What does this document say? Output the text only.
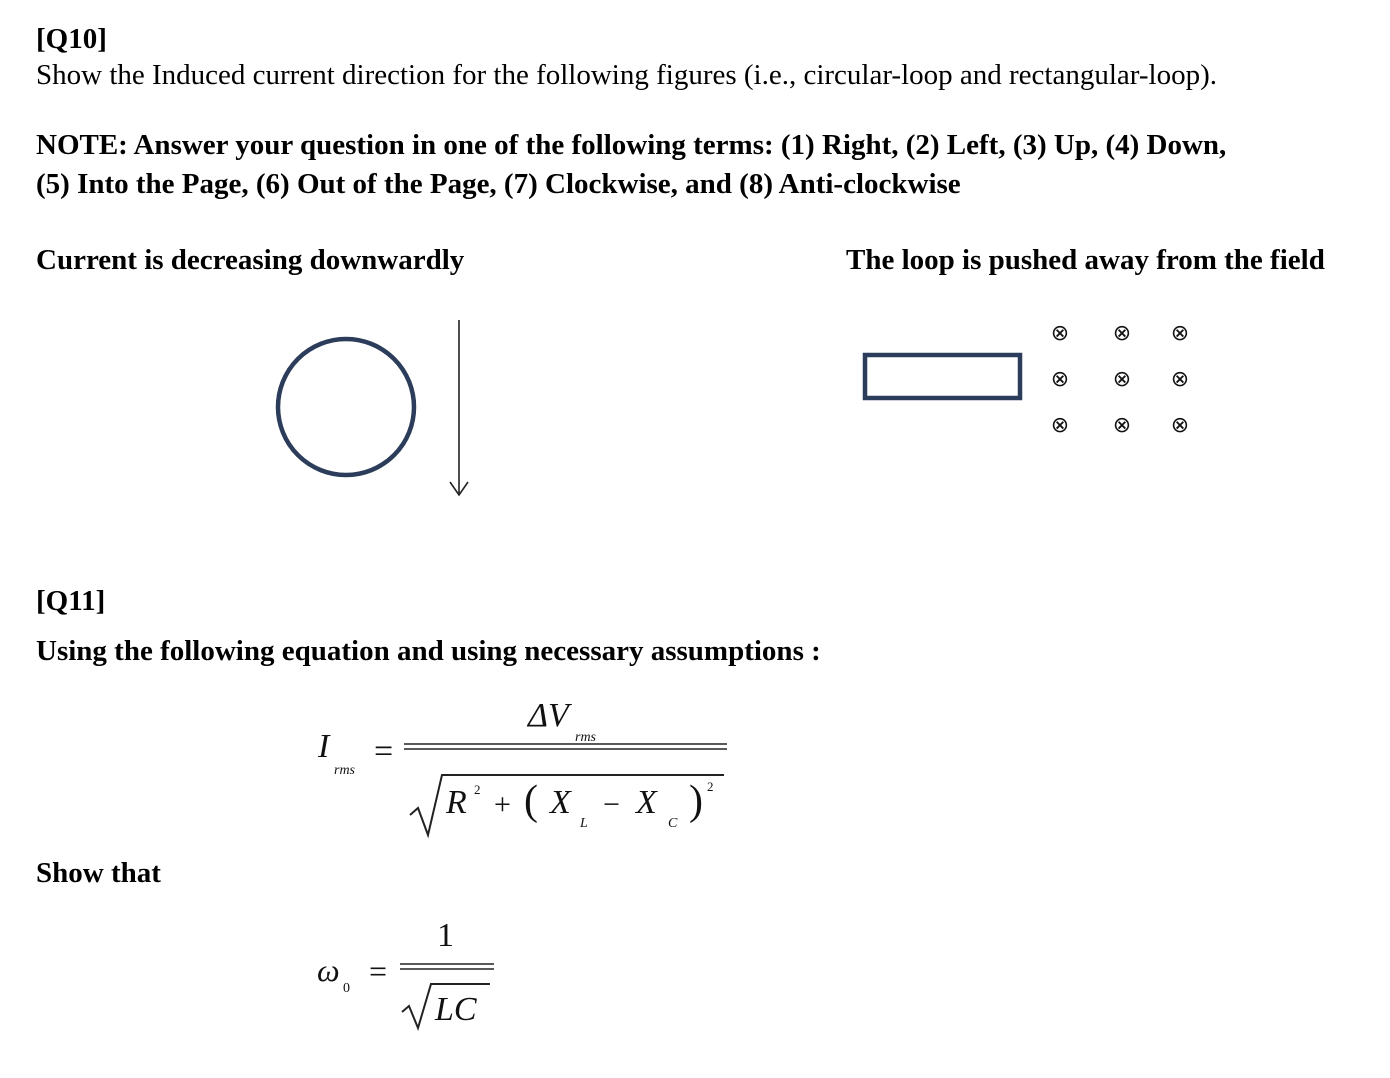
[Q10]

Show the Induced current direction for the following figures (i.e., circular-loop and rectangular-loop).

NOTE: Answer your question in one of the following terms: (1) Right, (2) Left, (3) Up, (4) Down,

(5) Into the Page, (6) Out of the Page, (7) Clockwise, and (8) Anti-clockwise

Current is decreasing downwardly	The loop is pushed away from the field

⊗ ⊗ ⊗
⊗ ⊗ ⊗
⊗ ⊗ ⊗

[Q11]

Using the following equation and using necessary assumptions :

Show that

I
rms
=
ΔV
rms
R 2 + ( X
L
− X
C ) 2
ω
0 =
1
LC
